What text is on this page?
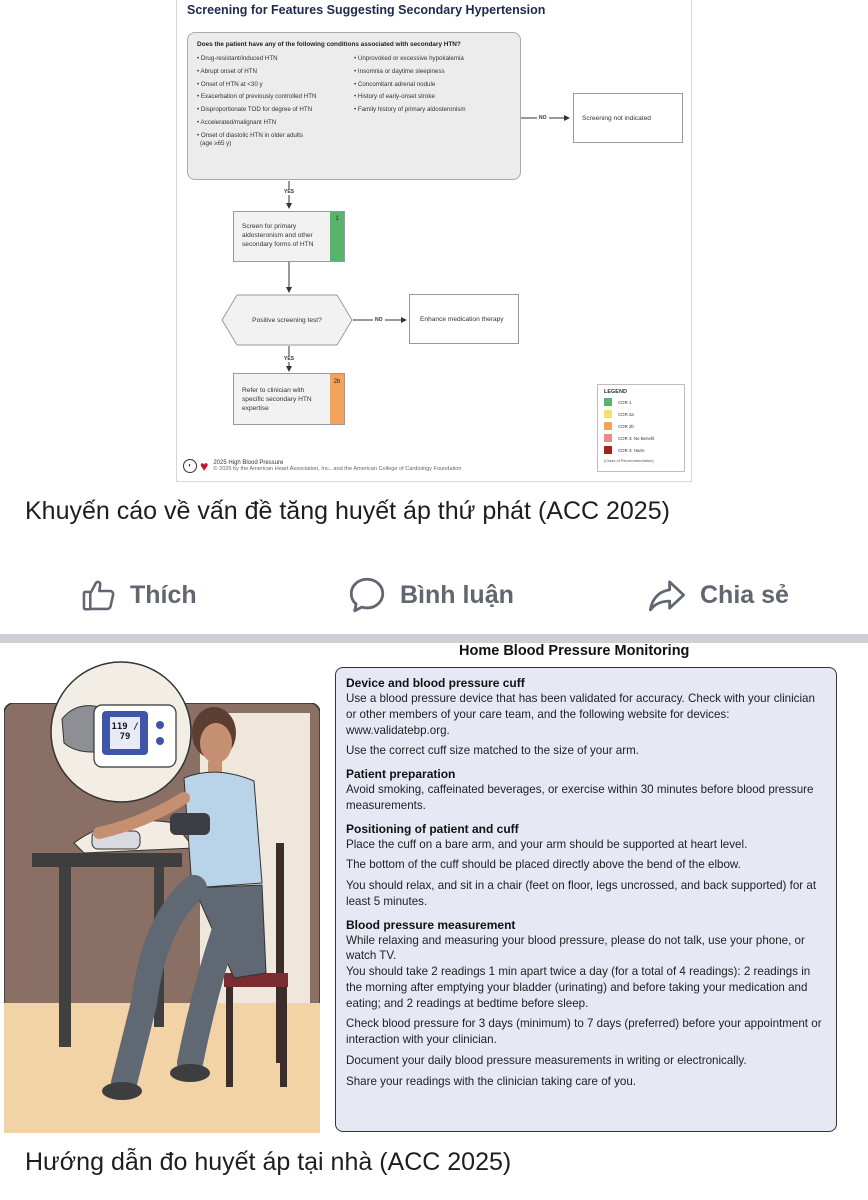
Screening for Features Suggesting Secondary Hypertension
Does the patient have any of the following conditions associated with secondary HTN?
• Drug-resistant/induced HTN
• Abrupt onset of HTN
• Onset of HTN at <30 y
• Exacerbation of previously controlled HTN
• Disproportionate TOD for degree of HTN
• Accelerated/malignant HTN
• Onset of diastolic HTN in older adults
(age ≥65 y)
• Unprovoked or excessive hypokalemia
• Insomnia or daytime sleepiness
• Concomitant adrenal nodule
• History of early-onset stroke
• Family history of primary aldosteronism
NO
YES
NO
YES
Screening not indicated
Screen for primary aldosteronism and other secondary forms of HTN
1
Positive screening test?	Enhance medication therapy
Refer to clinician with specific secondary HTN expertise
2b
LEGEND
COR 1
COR 2a
COR 2b
COR 3: No Benefit
COR 3: Harm
(Class of Recommendation)
◐ ♥ 2025 High Blood Pressure
© 2025 by the American Heart Association, Inc., and the American College of Cardiology Foundation
Khuyến cáo về vấn đề tăng huyết áp thứ phát (ACC 2025)
Thích	Bình luận	Chia sẻ
Home Blood Pressure Monitoring
119 / 79
Device and blood pressure cuff

Use a blood pressure device that has been validated for accuracy. Check with your clinician or other members of your care team, and the following website for devices: www.validatebp.org.

Use the correct cuff size matched to the size of your arm.

Patient preparation

Avoid smoking, caffeinated beverages, or exercise within 30 minutes before blood pressure measurements.

Positioning of patient and cuff

Place the cuff on a bare arm, and your arm should be supported at heart level.

The bottom of the cuff should be placed directly above the bend of the elbow.

You should relax, and sit in a chair (feet on floor, legs uncrossed, and back supported) for at least 5 minutes.

Blood pressure measurement

While relaxing and measuring your blood pressure, please do not talk, use your phone, or watch TV.

You should take 2 readings 1 min apart twice a day (for a total of 4 readings): 2 readings in the morning after emptying your bladder (urinating) and before taking your medication and eating; and 2 readings at bedtime before sleep.

Check blood pressure for 3 days (minimum) to 7 days (preferred) before your appointment or interaction with your clinician.

Document your daily blood pressure measurements in writing or electronically.

Share your readings with the clinician taking care of you.

Hướng dẫn đo huyết áp tại nhà (ACC 2025)
